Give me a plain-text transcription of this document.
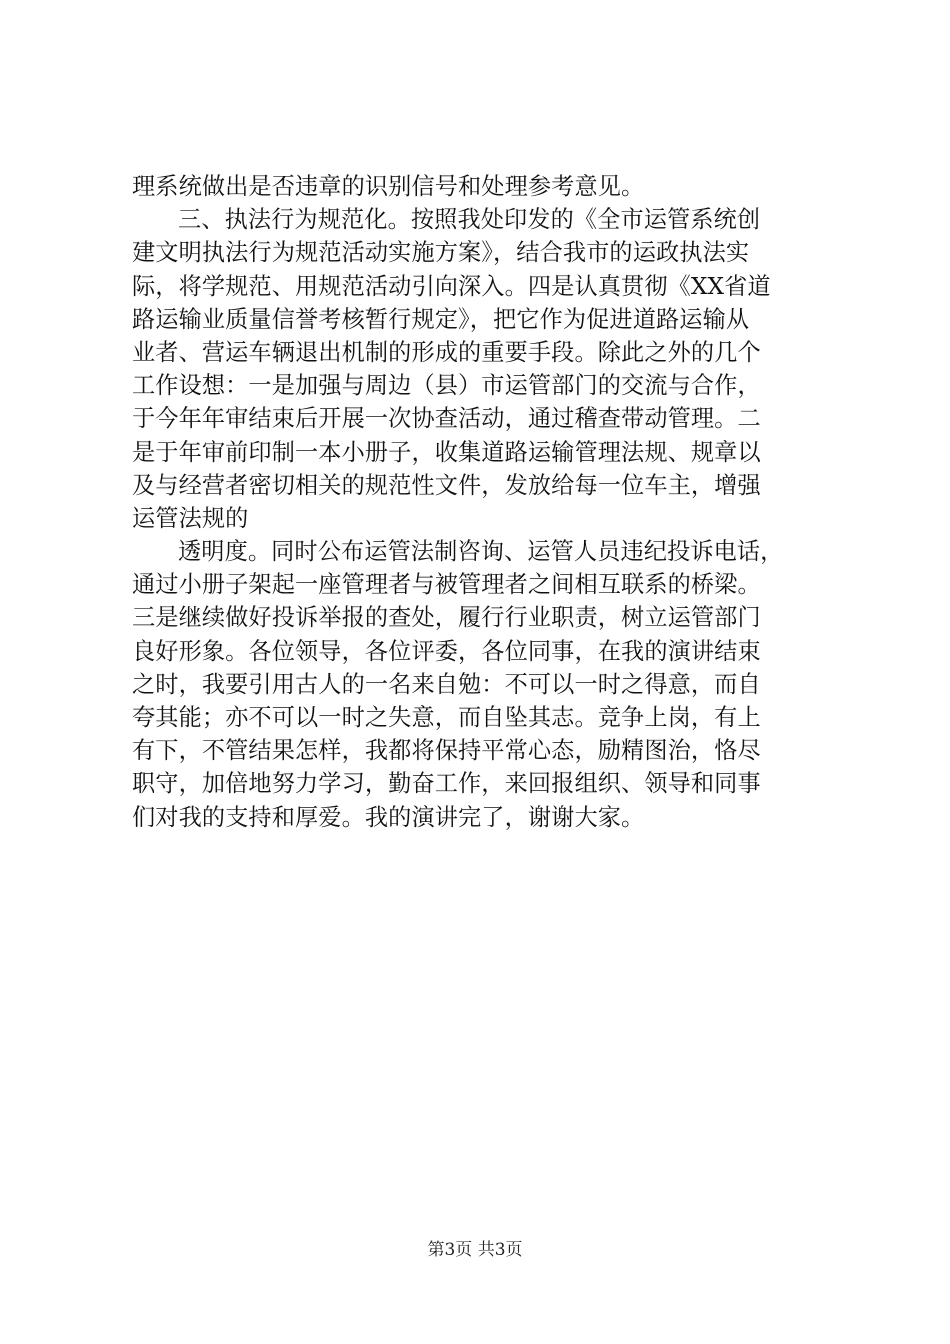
理系统做出是否违章的识别信号和处理参考意见。
三、执法行为规范化。按照我处印发的《全市运管系统创
建文明执法行为规范活动实施方案》，结合我市的运政执法实
际，将学规范、用规范活动引向深入。四是认真贯彻《XX省道
路运输业质量信誉考核暂行规定》，把它作为促进道路运输从
业者、营运车辆退出机制的形成的重要手段。除此之外的几个
工作设想：一是加强与周边（县）市运管部门的交流与合作，
于今年年审结束后开展一次协查活动，通过稽查带动管理。二
是于年审前印制一本小册子，收集道路运输管理法规、规章以
及与经营者密切相关的规范性文件，发放给每一位车主，增强
运管法规的
透明度。同时公布运管法制咨询、运管人员违纪投诉电话，
通过小册子架起一座管理者与被管理者之间相互联系的桥梁。
三是继续做好投诉举报的查处，履行行业职责，树立运管部门
良好形象。各位领导，各位评委，各位同事，在我的演讲结束
之时，我要引用古人的一名来自勉：不可以一时之得意，而自
夸其能；亦不可以一时之失意，而自坠其志。竞争上岗，有上
有下，不管结果怎样，我都将保持平常心态，励精图治，恪尽
职守，加倍地努力学习，勤奋工作，来回报组织、领导和同事
们对我的支持和厚爱。我的演讲完了，谢谢大家。
第3页 共3页
